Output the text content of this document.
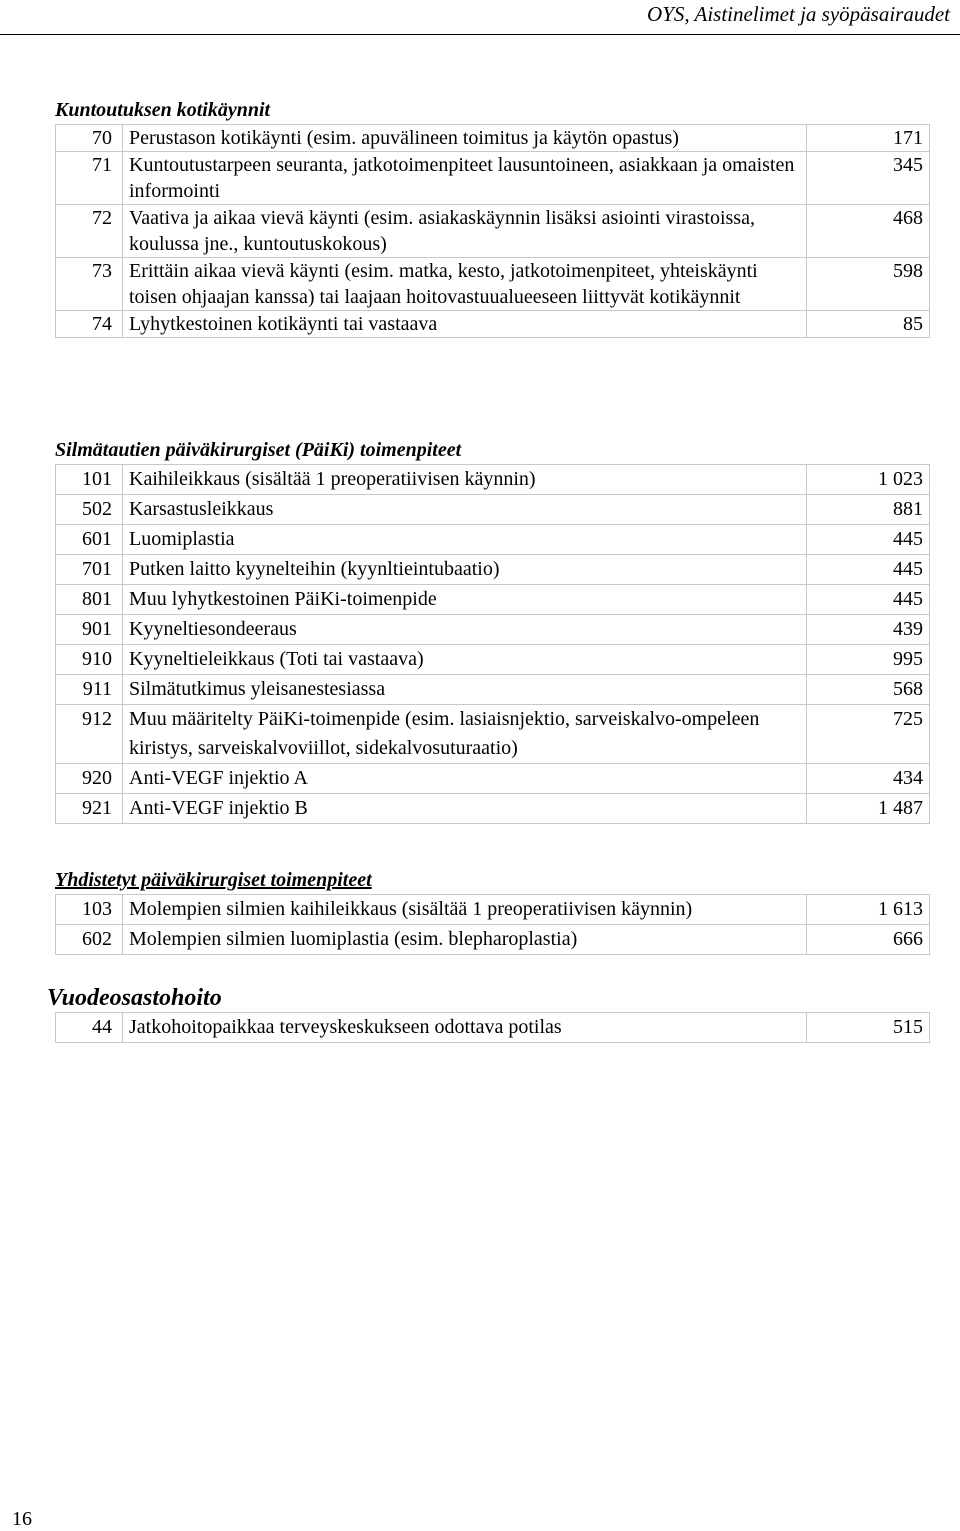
OYS, Aistinelimet ja syöpäsairaudet
Kuntoutuksen kotikäynnit
70	Perustason kotikäynti (esim. apuvälineen toimitus ja käytön opastus)	171
71	Kuntoutustarpeen seuranta, jatkotoimenpiteet lausuntoineen, asiakkaan ja omaisten informointi	345
72	Vaativa ja aikaa vievä käynti (esim. asiakaskäynnin lisäksi asiointi virastoissa, koulussa jne., kuntoutuskokous)	468
73	Erittäin aikaa vievä käynti (esim. matka, kesto, jatkotoimenpiteet, yhteiskäynti toisen ohjaajan kanssa) tai laajaan hoitovastuualueeseen liittyvät kotikäynnit	598
74	Lyhytkestoinen kotikäynti tai vastaava	85
Silmätautien päiväkirurgiset (PäiKi) toimenpiteet
101	Kaihileikkaus (sisältää 1 preoperatiivisen käynnin)	1 023
502	Karsastusleikkaus	881
601	Luomiplastia	445
701	Putken laitto kyynelteihin (kyynltieintubaatio)	445
801	Muu lyhytkestoinen PäiKi-toimenpide	445
901	Kyyneltiesondeeraus	439
910	Kyyneltieleikkaus (Toti tai vastaava)	995
911	Silmätutkimus yleisanestesiassa	568
912	Muu määritelty PäiKi-toimenpide (esim. lasiaisnjektio, sarveiskalvo-ompeleen kiristys, sarveiskalvoviillot, sidekalvosuturaatio)	725
920	Anti-VEGF injektio A	434
921	Anti-VEGF injektio B	1 487
Yhdistetyt päiväkirurgiset toimenpiteet
103	Molempien silmien kaihileikkaus (sisältää 1 preoperatiivisen käynnin)	1 613
602	Molempien silmien luomiplastia (esim. blepharoplastia)	666
Vuodeosastohoito
44	Jatkohoitopaikkaa terveyskeskukseen odottava potilas	515
16
